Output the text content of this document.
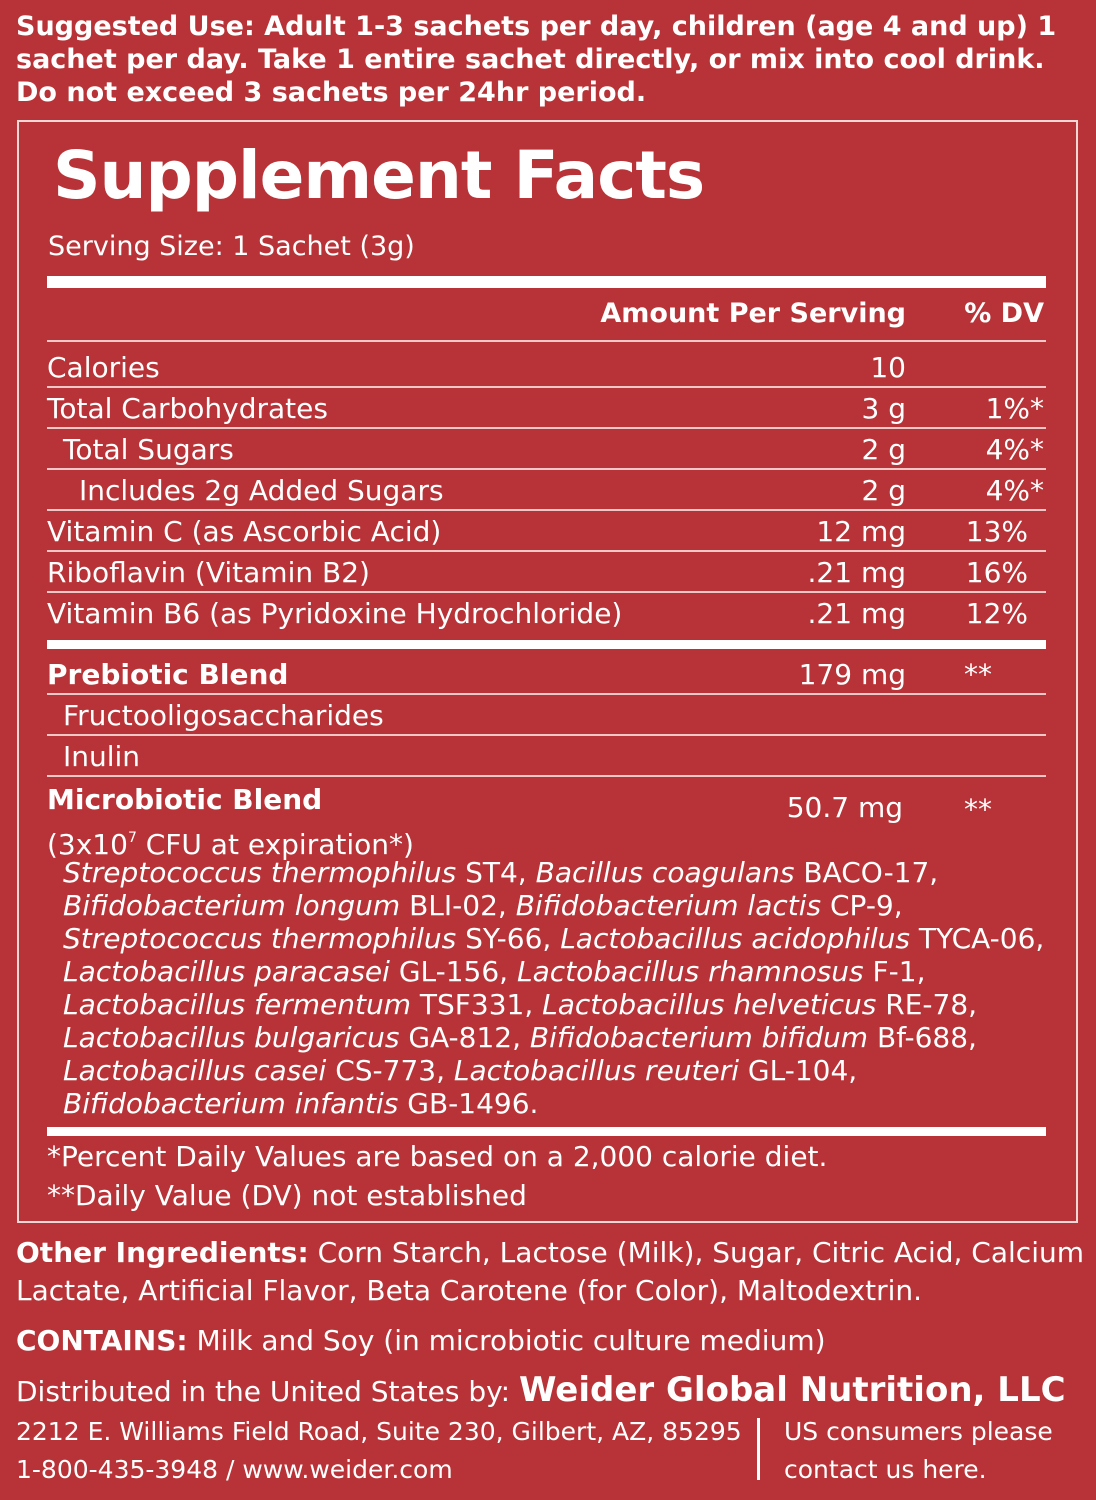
Suggested Use: Adult 1-3 sachets per day, children (age 4 and up) 1 sachet per day. Take 1 entire sachet directly, or mix into cool drink. Do not exceed 3 sachets per 24hr period.
Supplement Facts
Serving Size: 1 Sachet (3g)
Amount Per Serving % DV
Calories	10
Total Carbohydrates	3 g	1%*
Total Sugars	2 g	4%*
Includes 2g Added Sugars	2 g	4%*
Vitamin C (as Ascorbic Acid)	12 mg 13%
Riboflavin (Vitamin B2)	.21 mg 16%
Vitamin B6 (as Pyridoxine Hydrochloride)	.21 mg 12%
Prebiotic Blend	179 mg **
Fructooligosaccharides
Inulin
Microbiotic Blend	50.7 mg **
($3x10^7$ CFU at expiration*)
Streptococcus thermophilus ST4, Bacillus coagulans BACO-17, Bifidobacterium longum BLI-02, Bifidobacterium lactis CP-9, Streptococcus thermophilus SY-66, Lactobacillus acidophilus TYCA-06, Lactobacillus paracasei GL-156, Lactobacillus rhamnosus F-1, Lactobacillus fermentum TSF331, Lactobacillus helveticus RE-78, Lactobacillus bulgaricus GA-812, Bifidobacterium bifidum Bf-688, Lactobacillus casei CS-773, Lactobacillus reuteri GL-104, Bifidobacterium infantis GB-1496.
*Percent Daily Values are based on a 2,000 calorie diet.
**Daily Value (DV) not established
Other Ingredients: Corn Starch, Lactose (Milk), Sugar, Citric Acid, Calcium Lactate, Artificial Flavor, Beta Carotene (for Color), Maltodextrin.
CONTAINS: Milk and Soy (in microbiotic culture medium)
Distributed in the United States by: Weider Global Nutrition, LLC
2212 E. Williams Field Road, Suite 230, Gilbert, AZ, 85295
1-800-435-3948 / www.weider.com
US consumers please contact us here.
